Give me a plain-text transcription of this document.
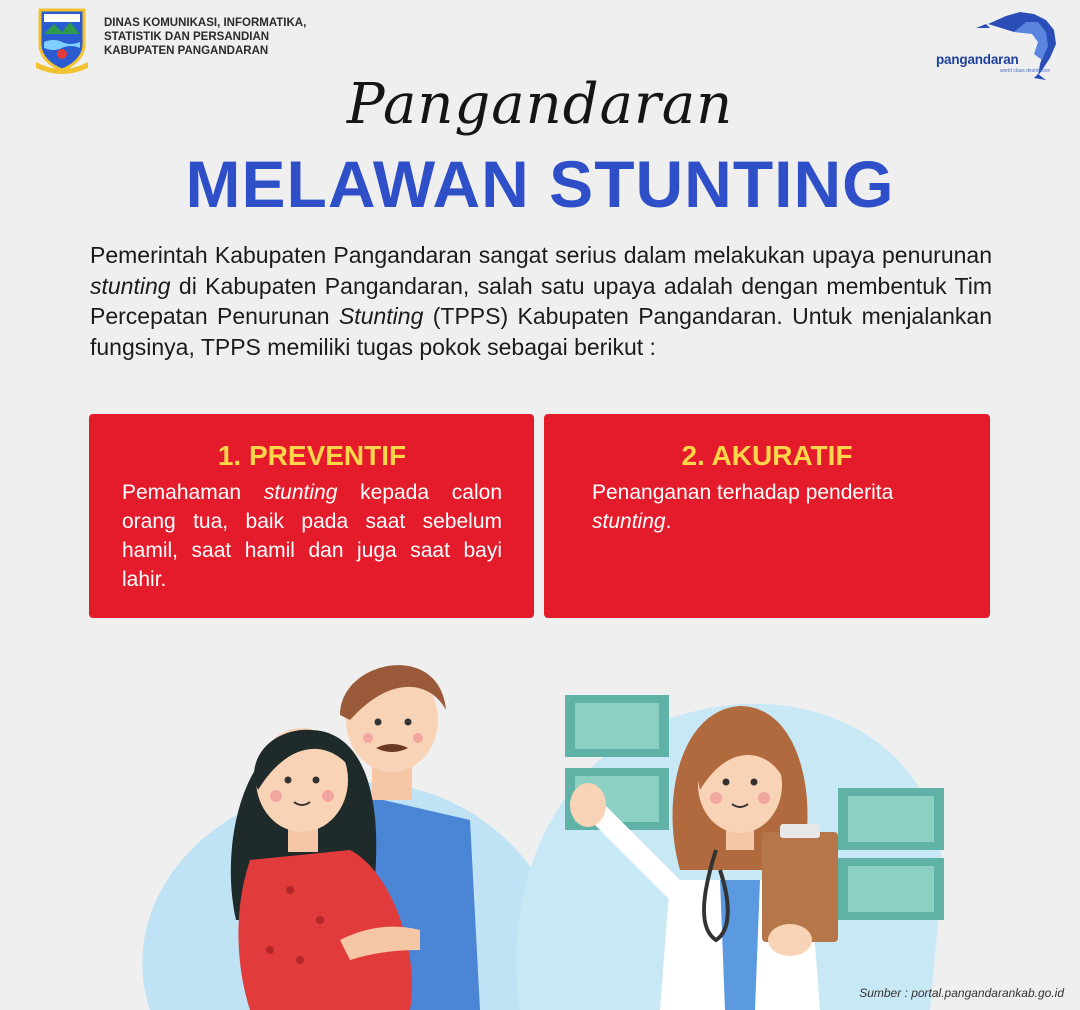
DINAS KOMUNIKASI, INFORMATIKA,
STATISTIK DAN PERSANDIAN
KABUPATEN PANGANDARAN
pangandaran
world class destination
Pangandaran
MELAWAN STUNTING

Pemerintah Kabupaten Pangandaran sangat serius dalam melakukan upaya penurunan stunting di Kabupaten Pangandaran, salah satu upaya adalah dengan membentuk Tim Percepatan Penurunan Stunting (TPPS) Kabupaten Pangandaran. Untuk menjalankan fungsinya, TPPS memiliki tugas pokok sebagai berikut :

1. PREVENTIF

Pemahaman stunting kepada calon orang tua, baik pada saat sebelum hamil, saat hamil dan juga saat bayi lahir.

2. AKURATIF

Penanganan terhadap penderita stunting.

Sumber : portal.pangandarankab.go.id
